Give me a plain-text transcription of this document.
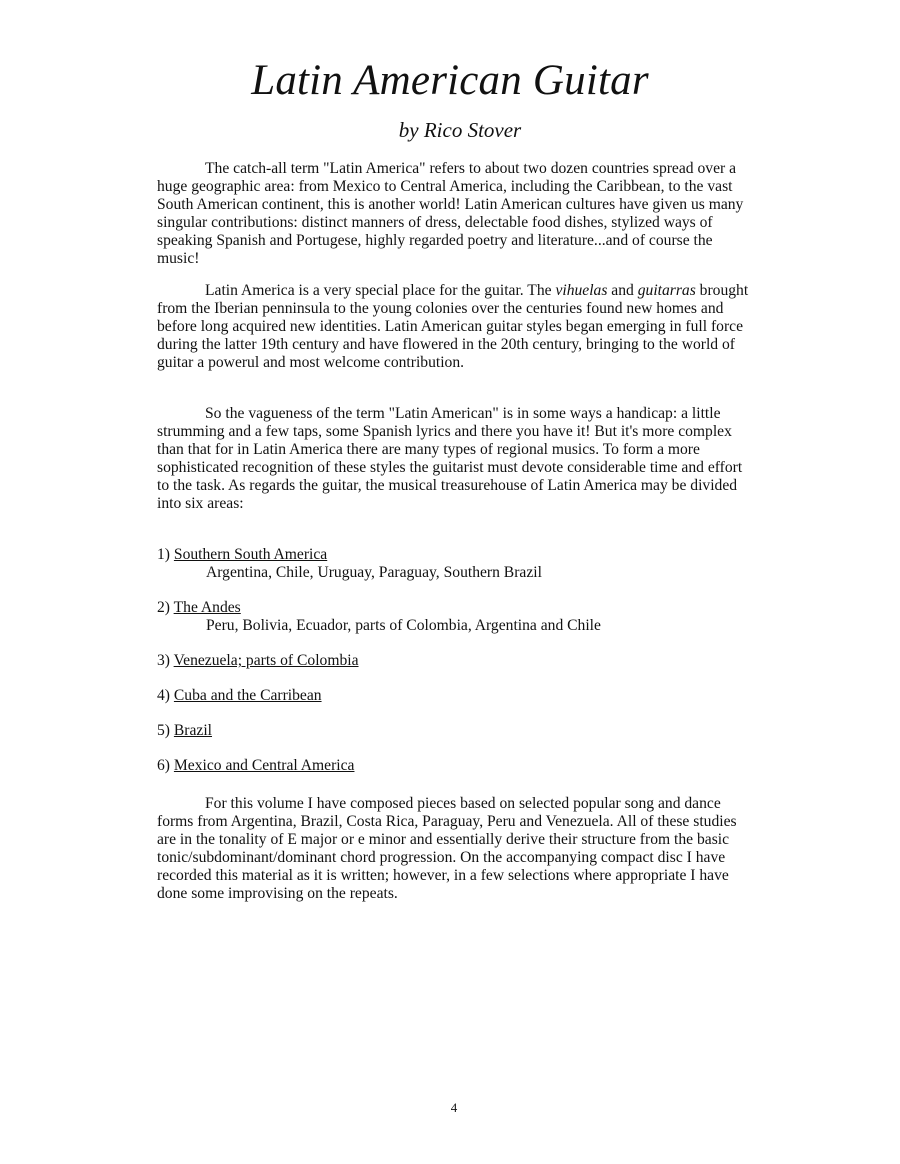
Latin American Guitar
by Rico Stover

The catch-all term "Latin America" refers to about two dozen countries spread over a huge geographic area: from Mexico to Central America, including the Caribbean, to the vast South American continent, this is another world! Latin American cultures have given us many singular contributions: distinct manners of dress, delectable food dishes, stylized ways of speaking Spanish and Portugese, highly regarded poetry and literature...and of course the music!

Latin America is a very special place for the guitar. The vihuelas and guitarras brought from the Iberian penninsula to the young colonies over the centuries found new homes and before long acquired new identities. Latin American guitar styles began emerging in full force during the latter 19th century and have flowered in the 20th century, bringing to the world of guitar a powerul and most welcome contribution.

So the vagueness of the term "Latin American" is in some ways a handicap: a little strumming and a few taps, some Spanish lyrics and there you have it! But it's more complex than that for in Latin America there are many types of regional musics. To form a more sophisticated recognition of these styles the guitarist must devote considerable time and effort to the task. As regards the guitar, the musical treasurehouse of Latin America may be divided into six areas:

1) Southern South America
Argentina, Chile, Uruguay, Paraguay, Southern Brazil
2) The Andes
Peru, Bolivia, Ecuador, parts of Colombia, Argentina and Chile
3) Venezuela; parts of Colombia
4) Cuba and the Carribean
5) Brazil
6) Mexico and Central America

For this volume I have composed pieces based on selected popular song and dance forms from Argentina, Brazil, Costa Rica, Paraguay, Peru and Venezuela. All of these studies are in the tonality of E major or e minor and essentially derive their structure from the basic tonic/subdominant/dominant chord progression. On the accompanying compact disc I have recorded this material as it is written; however, in a few selections where appropriate I have done some improvising on the repeats.

4
